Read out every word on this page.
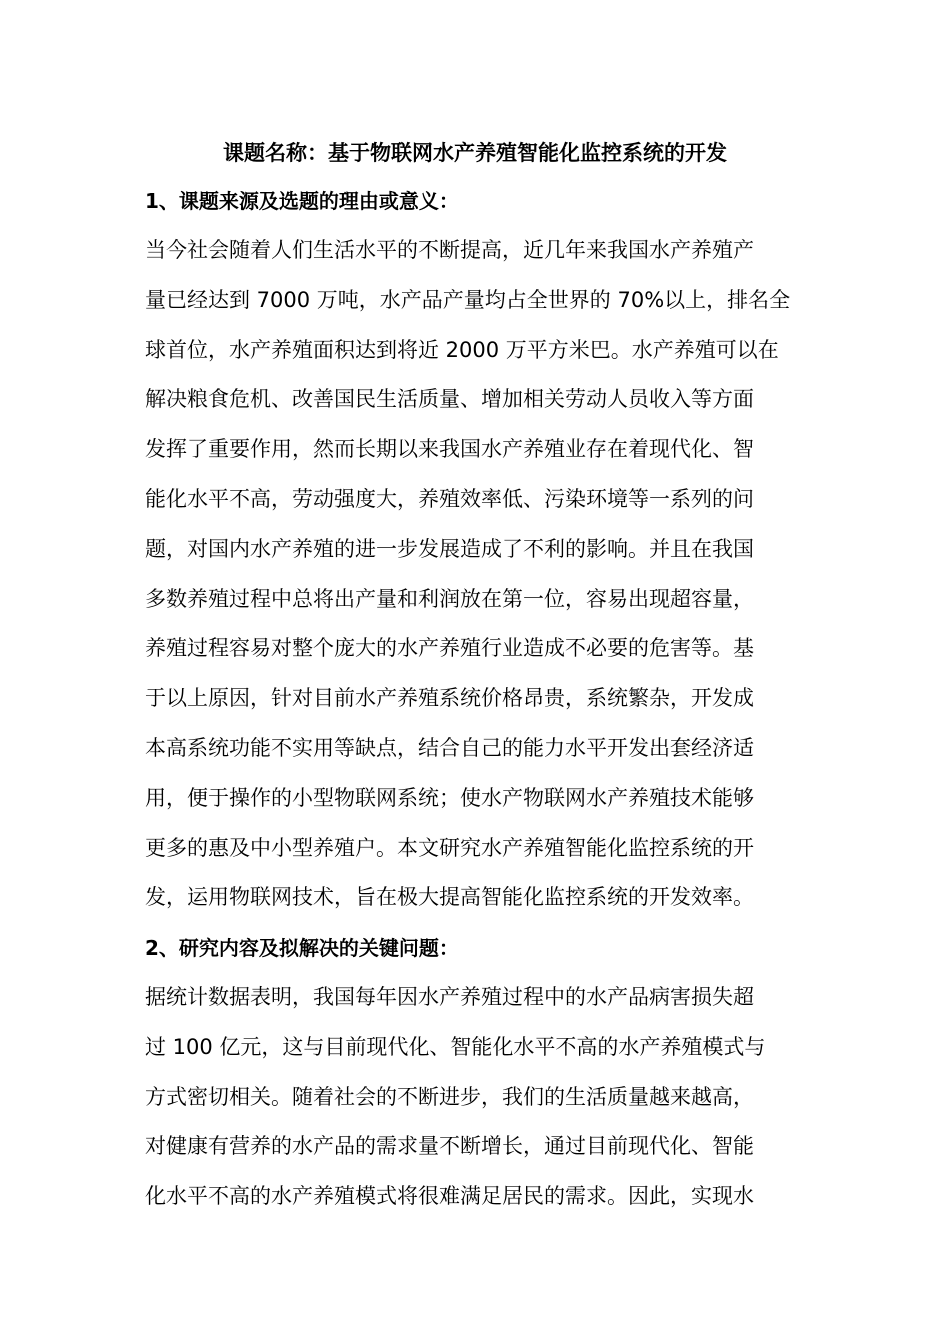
课题名称：基于物联网水产养殖智能化监控系统的开发
1、课题来源及选题的理由或意义：
当今社会随着人们生活水平的不断提高，近几年来我国水产养殖产
量已经达到 7000 万吨，水产品产量均占全世界的 70%以上，排名全
球首位，水产养殖面积达到将近 2000 万平方米巴。水产养殖可以在
解决粮食危机、改善国民生活质量、增加相关劳动人员收入等方面
发挥了重要作用，然而长期以来我国水产养殖业存在着现代化、智
能化水平不高，劳动强度大，养殖效率低、污染环境等一系列的问
题，对国内水产养殖的进一步发展造成了不利的影响。并且在我国
多数养殖过程中总将出产量和利润放在第一位，容易出现超容量，
养殖过程容易对整个庞大的水产养殖行业造成不必要的危害等。基
于以上原因，针对目前水产养殖系统价格昂贵，系统繁杂，开发成
本高系统功能不实用等缺点，结合自己的能力水平开发出套经济适
用，便于操作的小型物联网系统；使水产物联网水产养殖技术能够
更多的惠及中小型养殖户。本文研究水产养殖智能化监控系统的开
发，运用物联网技术，旨在极大提高智能化监控系统的开发效率。
2、研究内容及拟解决的关键问题：
据统计数据表明，我国每年因水产养殖过程中的水产品病害损失超
过 100 亿元，这与目前现代化、智能化水平不高的水产养殖模式与
方式密切相关。随着社会的不断进步，我们的生活质量越来越高，
对健康有营养的水产品的需求量不断增长，通过目前现代化、智能
化水平不高的水产养殖模式将很难满足居民的需求。因此，实现水
